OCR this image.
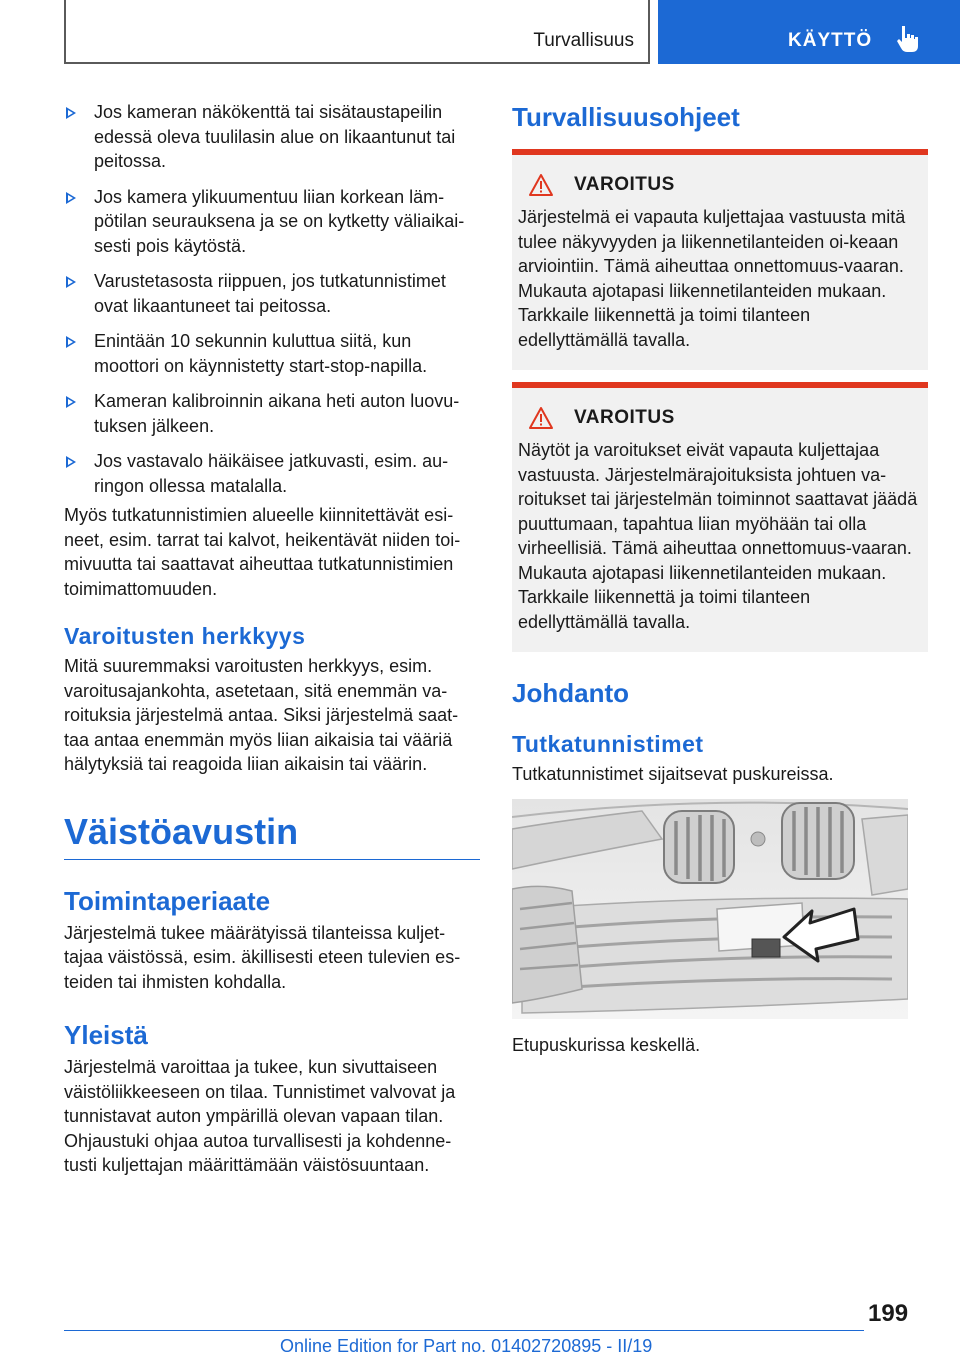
Turvallisuus	KÄYTTÖ
Jos kameran näkökenttä tai sisätaustapeilin edessä oleva tuulilasin alue on likaantunut tai peitossa.
Jos kamera ylikuumentuu liian korkean läm-pötilan seurauksena ja se on kytketty väliaikai-sesti pois käytöstä.
Varustetasosta riippuen, jos tutkatunnistimet ovat likaantuneet tai peitossa.
Enintään 10 sekunnin kuluttua siitä, kun moottori on käynnistetty start-stop-napilla.
Kameran kalibroinnin aikana heti auton luovu-tuksen jälkeen.
Jos vastavalo häikäisee jatkuvasti, esim. au-ringon ollessa matalalla.

Myös tutkatunnistimien alueelle kiinnitettävät esi-neet, esim. tarrat tai kalvot, heikentävät niiden toi-mivuutta tai saattavat aiheuttaa tutkatunnistimien toimimattomuuden.

Varoitusten herkkyys

Mitä suuremmaksi varoitusten herkkyys, esim. varoitusajankohta, asetetaan, sitä enemmän va-roituksia järjestelmä antaa. Siksi järjestelmä saat-taa antaa enemmän myös liian aikaisia tai vääriä hälytyksiä tai reagoida liian aikaisin tai väärin.

Väistöavustin
Toimintaperiaate

Järjestelmä tukee määrätyissä tilanteissa kuljet-tajaa väistössä, esim. äkillisesti eteen tulevien es-teiden tai ihmisten kohdalla.

Yleistä

Järjestelmä varoittaa ja tukee, kun sivuttaiseen väistöliikkeeseen on tilaa. Tunnistimet valvovat ja tunnistavat auton ympärillä olevan vapaan tilan. Ohjaustuki ohjaa autoa turvallisesti ja kohdenne-tusti kuljettajan määrittämään väistösuuntaan.

Turvallisuusohjeet
VAROITUS

Järjestelmä ei vapauta kuljettajaa vastuusta mitä tulee näkyvyyden ja liikennetilanteiden oi-keaan arviointiin. Tämä aiheuttaa onnettomuus-vaaran. Mukauta ajotapasi liikennetilanteiden mukaan. Tarkkaile liikennettä ja toimi tilanteen edellyttämällä tavalla.

VAROITUS

Näytöt ja varoitukset eivät vapauta kuljettajaa vastuusta. Järjestelmärajoituksista johtuen va-roitukset tai järjestelmän toiminnot saattavat jäädä puuttumaan, tapahtua liian myöhään tai olla virheellisiä. Tämä aiheuttaa onnettomuus-vaaran. Mukauta ajotapasi liikennetilanteiden mukaan. Tarkkaile liikennettä ja toimi tilanteen edellyttämällä tavalla.

Johdanto
Tutkatunnistimet

Tutkatunnistimet sijaitsevat puskureissa.

Etupuskurissa keskellä.

199
Online Edition for Part no. 01402720895 - II/19
